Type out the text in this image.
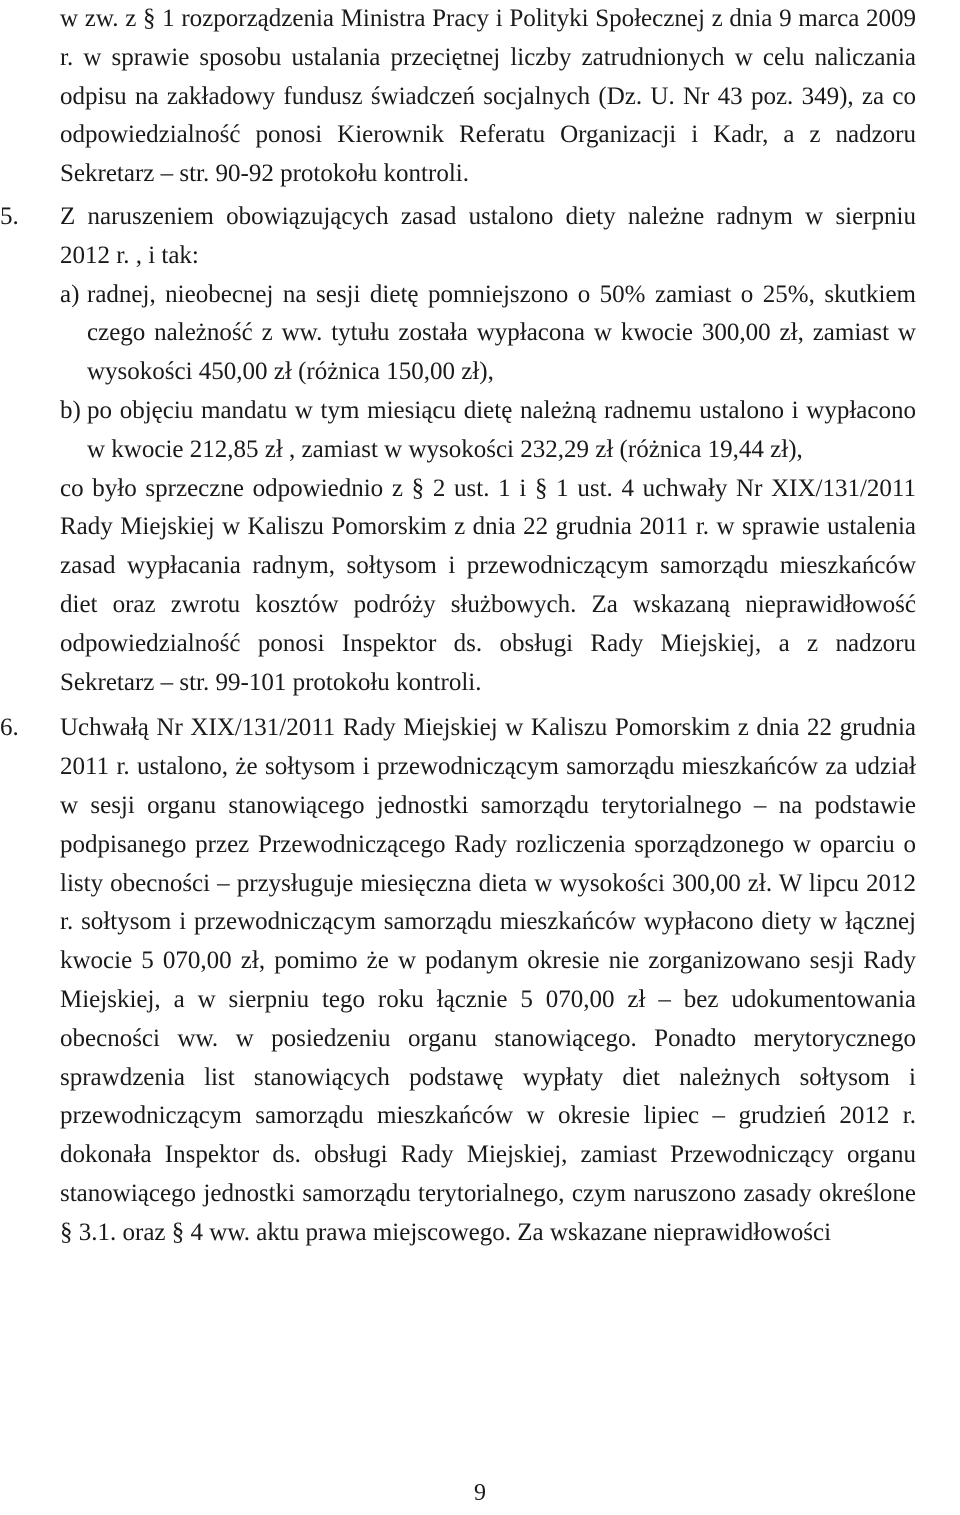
w zw. z § 1 rozporządzenia Ministra Pracy i Polityki Społecznej z dnia 9 marca 2009 r. w sprawie sposobu ustalania przeciętnej liczby zatrudnionych w celu naliczania odpisu na zakładowy fundusz świadczeń socjalnych (Dz. U. Nr 43 poz. 349), za co odpowiedzialność ponosi Kierownik Referatu Organizacji i Kadr, a z nadzoru Sekretarz – str. 90-92 protokołu kontroli.

5.	Z naruszeniem obowiązujących zasad ustalono diety należne radnym w sierpniu 2012 r. , i tak:
a) radnej, nieobecnej na sesji dietę pomniejszono o 50% zamiast o 25%, skutkiem czego należność z ww. tytułu została wypłacona w kwocie 300,00 zł, zamiast w wysokości 450,00 zł (różnica 150,00 zł),
b) po objęciu mandatu w tym miesiącu dietę należną radnemu ustalono i wypłacono w kwocie 212,85 zł , zamiast w wysokości 232,29 zł (różnica 19,44 zł),
co było sprzeczne odpowiednio z § 2 ust. 1 i § 1 ust. 4 uchwały Nr XIX/131/2011 Rady Miejskiej w Kaliszu Pomorskim z dnia 22 grudnia 2011 r. w sprawie ustalenia zasad wypłacania radnym, sołtysom i przewodniczącym samorządu mieszkańców diet oraz zwrotu kosztów podróży służbowych. Za wskazaną nieprawidłowość odpowiedzialność ponosi Inspektor ds. obsługi Rady Miejskiej, a z nadzoru Sekretarz – str. 99-101 protokołu kontroli.
6.	Uchwałą Nr XIX/131/2011 Rady Miejskiej w Kaliszu Pomorskim z dnia 22 grudnia 2011 r. ustalono, że sołtysom i przewodniczącym samorządu mieszkańców za udział w sesji organu stanowiącego jednostki samorządu terytorialnego – na podstawie podpisanego przez Przewodniczącego Rady rozliczenia sporządzonego w oparciu o listy obecności – przysługuje miesięczna dieta w wysokości 300,00 zł. W lipcu 2012 r. sołtysom i przewodniczącym samorządu mieszkańców wypłacono diety w łącznej kwocie 5 070,00 zł, pomimo że w podanym okresie nie zorganizowano sesji Rady Miejskiej, a w sierpniu tego roku łącznie 5 070,00 zł – bez udokumentowania obecności ww. w posiedzeniu organu stanowiącego. Ponadto merytorycznego sprawdzenia list stanowiących podstawę wypłaty diet należnych sołtysom i przewodniczącym samorządu mieszkańców w okresie lipiec – grudzień 2012 r. dokonała Inspektor ds. obsługi Rady Miejskiej, zamiast Przewodniczący organu stanowiącego jednostki samorządu terytorialnego, czym naruszono zasady określone § 3.1. oraz § 4 ww. aktu prawa miejscowego. Za wskazane nieprawidłowości
9
